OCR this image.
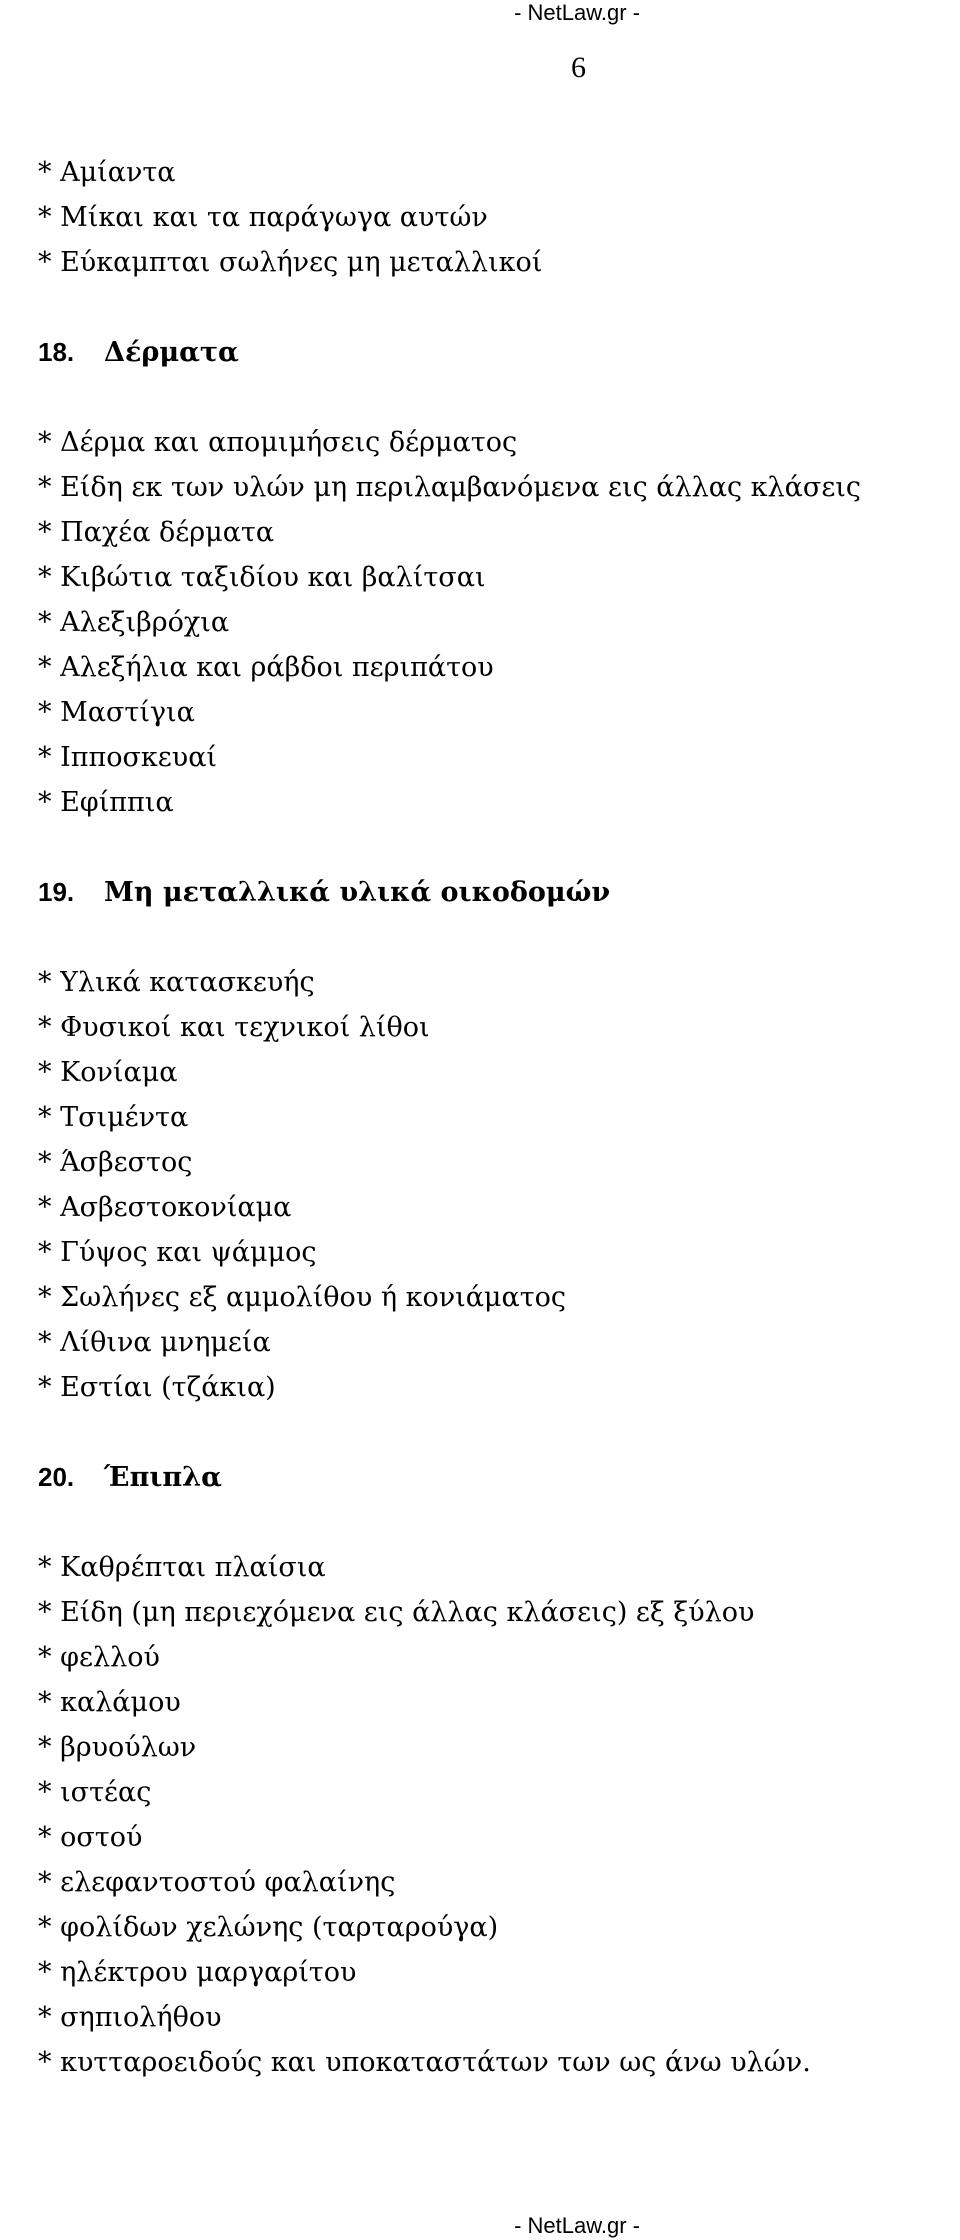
- NetLaw.gr -
6
* Αμίαντα
* Μίκαι και τα παράγωγα αυτών
* Εύκαμπται σωλήνες μη μεταλλικοί
18. Δέρματα
* Δέρμα και απομιμήσεις δέρματος
* Είδη εκ των υλών μη περιλαμβανόμενα εις άλλας κλάσεις
* Παχέα δέρματα
* Κιβώτια ταξιδίου και βαλίτσαι
* Αλεξιβρόχια
* Αλεξήλια και ράβδοι περιπάτου
* Μαστίγια
* Ιπποσκευαί
* Εφίππια
19. Μη μεταλλικά υλικά οικοδομών
* Υλικά κατασκευής
* Φυσικοί και τεχνικοί λίθοι
* Κονίαμα
* Τσιμέντα
* Άσβεστος
* Ασβεστοκονίαμα
* Γύψος και ψάμμος
* Σωλήνες εξ αμμολίθου ή κονιάματος
* Λίθινα μνημεία
* Εστίαι (τζάκια)
20. Έπιπλα
* Καθρέπται πλαίσια
* Είδη (μη περιεχόμενα εις άλλας κλάσεις) εξ ξύλου
* φελλού
* καλάμου
* βρυούλων
* ιστέας
* οστού
* ελεφαντοστού φαλαίνης
* φολίδων χελώνης (ταρταρούγα)
* ηλέκτρου μαργαρίτου
* σηπιολήθου
* κυτταροειδούς και υποκαταστάτων των ως άνω υλών.
- NetLaw.gr -
